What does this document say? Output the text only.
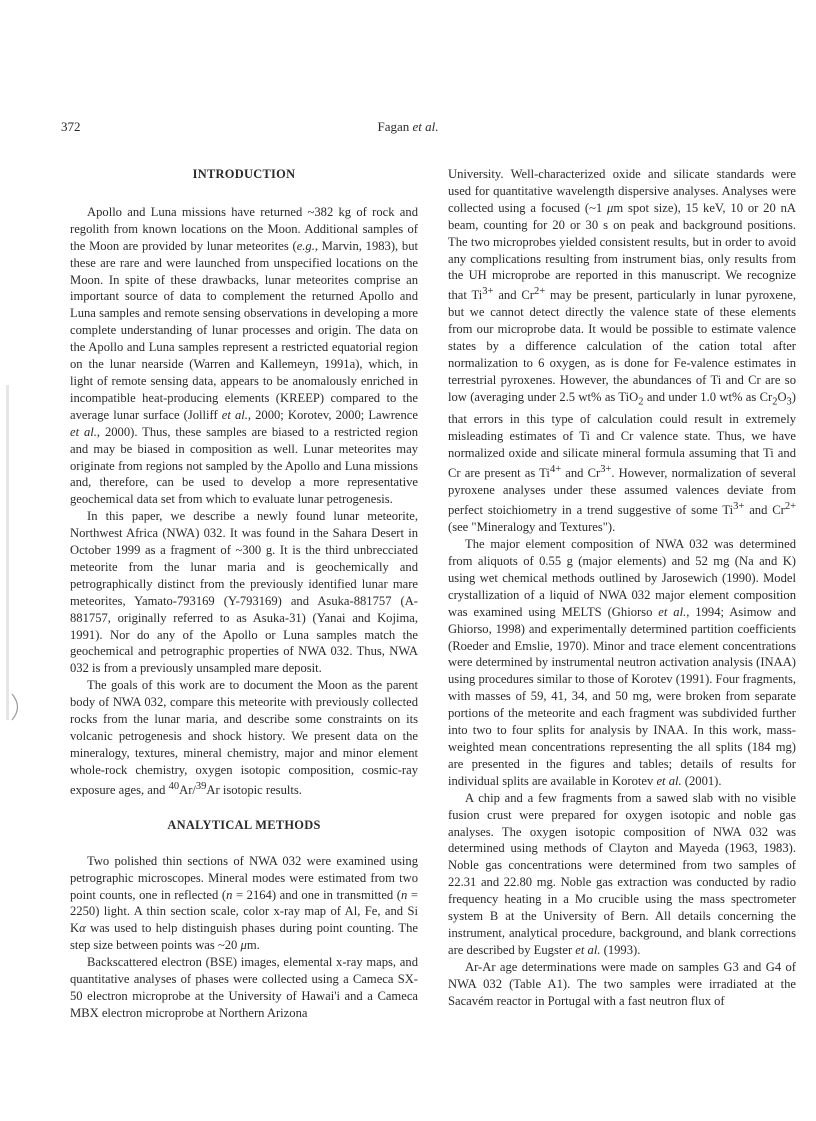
372	Fagan et al.
INTRODUCTION

Apollo and Luna missions have returned ~382 kg of rock and regolith from known locations on the Moon. Additional samples of the Moon are provided by lunar meteorites (e.g., Marvin, 1983), but these are rare and were launched from unspecified locations on the Moon. In spite of these drawbacks, lunar meteorites comprise an important source of data to complement the returned Apollo and Luna samples and remote sensing observations in developing a more complete understanding of lunar processes and origin. The data on the Apollo and Luna samples represent a restricted equatorial region on the lunar nearside (Warren and Kallemeyn, 1991a), which, in light of remote sensing data, appears to be anomalously enriched in incompatible heat-producing elements (KREEP) compared to the average lunar surface (Jolliff et al., 2000; Korotev, 2000; Lawrence et al., 2000). Thus, these samples are biased to a restricted region and may be biased in composition as well. Lunar meteorites may originate from regions not sampled by the Apollo and Luna missions and, therefore, can be used to develop a more representative geochemical data set from which to evaluate lunar petrogenesis.

In this paper, we describe a newly found lunar meteorite, Northwest Africa (NWA) 032. It was found in the Sahara Desert in October 1999 as a fragment of ~300 g. It is the third unbrecciated meteorite from the lunar maria and is geochemically and petrographically distinct from the previously identified lunar mare meteorites, Yamato-793169 (Y-793169) and Asuka-881757 (A-881757, originally referred to as Asuka-31) (Yanai and Kojima, 1991). Nor do any of the Apollo or Luna samples match the geochemical and petrographic properties of NWA 032. Thus, NWA 032 is from a previously unsampled mare deposit.

The goals of this work are to document the Moon as the parent body of NWA 032, compare this meteorite with previously collected rocks from the lunar maria, and describe some constraints on its volcanic petrogenesis and shock history. We present data on the mineralogy, textures, mineral chemistry, major and minor element whole-rock chemistry, oxygen isotopic composition, cosmic-ray exposure ages, and $^{40}$Ar/$^{39}$Ar isotopic results.

ANALYTICAL METHODS

Two polished thin sections of NWA 032 were examined using petrographic microscopes. Mineral modes were estimated from two point counts, one in reflected (n = 2164) and one in transmitted (n = 2250) light. A thin section scale, color x-ray map of Al, Fe, and Si Kα was used to help distinguish phases during point counting. The step size between points was ~20 μm.

Backscattered electron (BSE) images, elemental x-ray maps, and quantitative analyses of phases were collected using a Cameca SX-50 electron microprobe at the University of Hawai'i and a Cameca MBX electron microprobe at Northern Arizona

University. Well-characterized oxide and silicate standards were used for quantitative wavelength dispersive analyses. Analyses were collected using a focused (~1 μm spot size), 15 keV, 10 or 20 nA beam, counting for 20 or 30 s on peak and background positions. The two microprobes yielded consistent results, but in order to avoid any complications resulting from instrument bias, only results from the UH microprobe are reported in this manuscript. We recognize that $Ti^{3+}$ and $Cr^{2+}$ may be present, particularly in lunar pyroxene, but we cannot detect directly the valence state of these elements from our microprobe data. It would be possible to estimate valence states by a difference calculation of the cation total after normalization to 6 oxygen, as is done for Fe-valence estimates in terrestrial pyroxenes. However, the abundances of Ti and Cr are so low (averaging under 2.5 wt% as TiO$_2$ and under 1.0 wt% as $Cr_2O_3$) that errors in this type of calculation could result in extremely misleading estimates of Ti and Cr valence state. Thus, we have normalized oxide and silicate mineral formula assuming that Ti and Cr are present as $Ti^{4+}$ and $Cr^{3+}$. However, normalization of several pyroxene analyses under these assumed valences deviate from perfect stoichiometry in a trend suggestive of some $Ti^{3+}$ and $Cr^{2+}$ (see "Mineralogy and Textures").

The major element composition of NWA 032 was determined from aliquots of 0.55 g (major elements) and 52 mg (Na and K) using wet chemical methods outlined by Jarosewich (1990). Model crystallization of a liquid of NWA 032 major element composition was examined using MELTS (Ghiorso et al., 1994; Asimow and Ghiorso, 1998) and experimentally determined partition coefficients (Roeder and Emslie, 1970). Minor and trace element concentrations were determined by instrumental neutron activation analysis (INAA) using procedures similar to those of Korotev (1991). Four fragments, with masses of 59, 41, 34, and 50 mg, were broken from separate portions of the meteorite and each fragment was subdivided further into two to four splits for analysis by INAA. In this work, mass-weighted mean concentrations representing the all splits (184 mg) are presented in the figures and tables; details of results for individual splits are available in Korotev et al. (2001).

A chip and a few fragments from a sawed slab with no visible fusion crust were prepared for oxygen isotopic and noble gas analyses. The oxygen isotopic composition of NWA 032 was determined using methods of Clayton and Mayeda (1963, 1983). Noble gas concentrations were determined from two samples of 22.31 and 22.80 mg. Noble gas extraction was conducted by radio frequency heating in a Mo crucible using the mass spectrometer system B at the University of Bern. All details concerning the instrument, analytical procedure, background, and blank corrections are described by Eugster et al. (1993).

Ar-Ar age determinations were made on samples G3 and G4 of NWA 032 (Table A1). The two samples were irradiated at the Sacavém reactor in Portugal with a fast neutron flux of
